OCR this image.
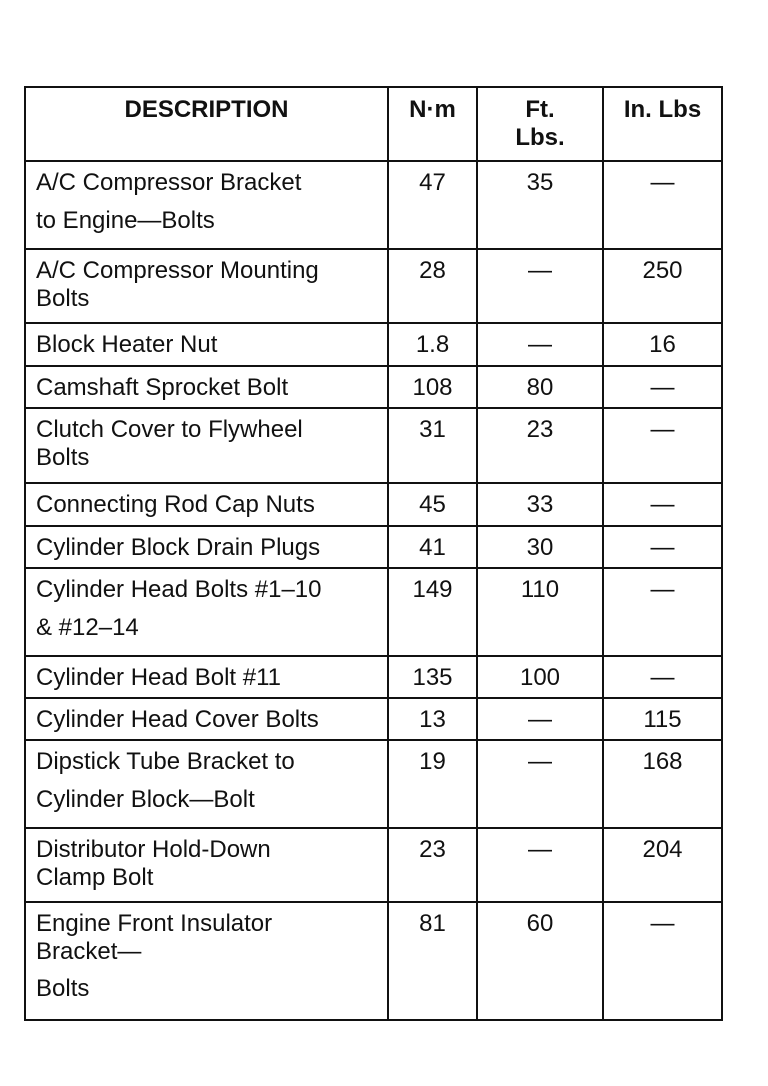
DESCRIPTION	N·m	Ft. Lbs.	In. Lbs
A/C Compressor Bracket
to Engine—Bolts	47	35	—
A/C Compressor Mounting
Bolts	28	—	250
Block Heater Nut	1.8	—	16
Camshaft Sprocket Bolt	108	80	—
Clutch Cover to Flywheel
Bolts	31	23	—
Connecting Rod Cap Nuts	45	33	—
Cylinder Block Drain Plugs	41	30	—
Cylinder Head Bolts #1–10
& #12–14	149	110	—
Cylinder Head Bolt #11	135	100	—
Cylinder Head Cover Bolts	13	—	115
Dipstick Tube Bracket to
Cylinder Block—Bolt	19	—	168
Distributor Hold-Down
Clamp Bolt	23	—	204
Engine Front Insulator
Bracket—
Bolts	81	60	—
